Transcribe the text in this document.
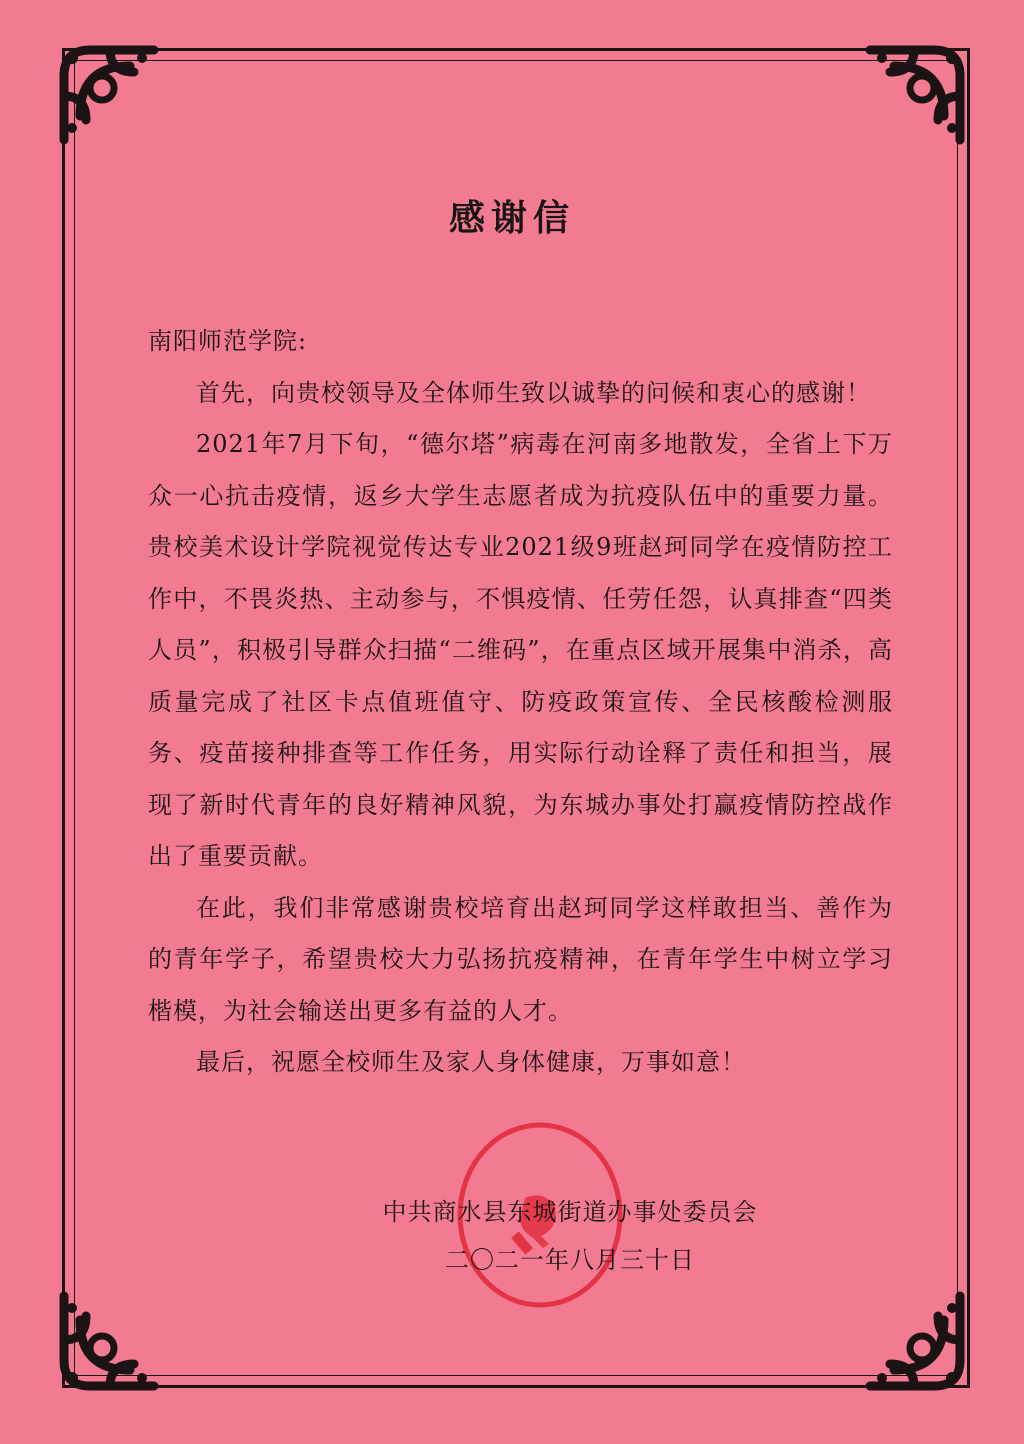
感谢信

南阳师范学院:

首先，向贵校领导及全体师生致以诚挚的问候和衷心的感谢！

2021年7月下旬，“德尔塔”病毒在河南多地散发，全省上下万众一心抗击疫情，返乡大学生志愿者成为抗疫队伍中的重要力量。贵校美术设计学院视觉传达专业2021级9班赵珂同学在疫情防控工作中，不畏炎热、主动参与，不惧疫情、任劳任怨，认真排查“四类人员”，积极引导群众扫描“二维码”，在重点区域开展集中消杀，高质量完成了社区卡点值班值守、防疫政策宣传、全民核酸检测服务、疫苗接种排查等工作任务，用实际行动诠释了责任和担当，展现了新时代青年的良好精神风貌，为东城办事处打赢疫情防控战作出了重要贡献。

在此，我们非常感谢贵校培育出赵珂同学这样敢担当、善作为的青年学子，希望贵校大力弘扬抗疫精神，在青年学生中树立学习楷模，为社会输送出更多有益的人才。

最后，祝愿全校师生及家人身体健康，万事如意！

中共商水县东城街道办事处委员会
二〇二一年八月三十日
